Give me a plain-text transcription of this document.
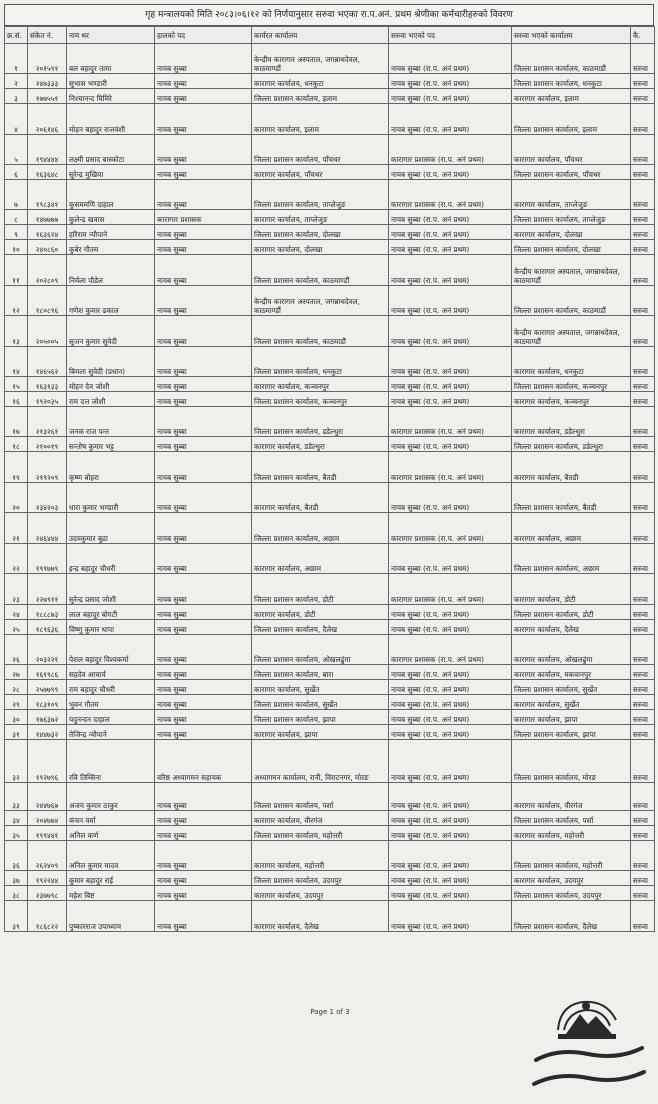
गृह मन्त्रालयको मिति २०८३।०६।१२ को निर्णयानुसार सरुवा भएका रा.प.अनं. प्रथम श्रेणीका कर्मचारीहरुको विवरण
क्र.सं.	संकेत नं.	नाम थर	हालको पद	कार्यरत कार्यालय	सरुवा भएको पद	सरुवा भएको कार्यालय	कै.
१	२०१५९१	बल बहादुर तामा	नायब सुब्बा	केन्द्रीय कारागार अस्पताल, जगन्नाथदेवल, काठमाण्डौं	नायब सुब्बा (रा.प. अनं प्रथम)	जिल्ला प्रशासन कार्यालय, काठमाडौं	सरुवा
२	२४७३३३	सुभास भण्डारी	नायब सुब्बा	कारागार कार्यालय, धनकुटा	नायब सुब्बा (रा.प. अनं प्रथम)	जिल्ला प्रशासन कार्यालय, धनकुटा	सरुवा
३	१७७५५१	निश्चानन्द घिमिरे	नायब सुब्बा	जिल्ला प्रशासन कार्यालय, इलाम	नायब सुब्बा (रा.प. अनं प्रथम)	कारागार कार्यालय, इलाम	सरुवा
४	२०६१४६	मोहन बहादुर राजवंशी	नायब सुब्बा	कारागार कार्यालय, इलाम	नायब सुब्बा (रा.प. अनं प्रथम)	जिल्ला प्रशासन कार्यालय, इलाम	सरुवा
५	१९४४४४	लक्ष्मी प्रसाद बास्कोटा	नायब सुब्बा	जिल्ला प्रशासन कार्यालय, पाँचथर	कारागार प्रशासक (रा.प. अनं प्रथम)	कारागार कार्यालय, पाँचथर	सरुवा
६	१६३६४८	सुरेन्द्र मुखिया	नायब सुब्बा	कारागार कार्यालय, पाँचथर	नायब सुब्बा (रा.प. अनं प्रथम)	जिल्ला प्रशासन कार्यालय, पाँचथर	सरुवा
७	१९८३४१	कुसममणि दाहाल	नायब सुब्बा	जिल्ला प्रशासन कार्यालय, ताप्लेजुङ	कारागार प्रशासक (रा.प. अनं प्रथम)	कारागार कार्यालय, ताप्लेजुङ	सरुवा
८	१४७७७७	कुलेन्द्र खवास	कारागार प्रशासक	कारागार कार्यालय, ताप्लेजुङ	नायब सुब्बा (रा.प. अनं प्रथम)	जिल्ला प्रशासन कार्यालय, ताप्लेजुङ	सरुवा
९	१६३६२४	हरिराम न्यौपाने	नायब सुब्बा	जिल्ला प्रशासन कार्यालय, दोलखा	नायब सुब्बा (रा.प. अनं प्रथम)	कारागार कार्यालय, दोलखा	सरुवा
१०	२४०८६०	कुबेर गौतम	नायब सुब्बा	कारागार कार्यालय, दोलखा	नायब सुब्बा (रा.प. अनं प्रथम)	जिल्ला प्रशासन कार्यालय, दोलखा	सरुवा
११	२०२८०९	निर्मला पौडेल	नायब सुब्बा	जिल्ला प्रशासन कार्यालय, काठमाण्डौं	नायब सुब्बा (रा.प. अनं प्रथम)	केन्द्रीय कारागार अस्पताल, जगन्नाथदेवल, काठमाण्डौं	सरुवा
१२	१८०८९६	गणेश कुमार ढकाल	नायब सुब्बा	केन्द्रीय कारागार अस्पताल, जगन्नाथदेवल, काठमाण्डौं	नायब सुब्बा (रा.प. अनं प्रथम)	जिल्ला प्रशासन कार्यालय, काठमाडौं	सरुवा
१३	२०५००५	सुजन कुमार सुवेदी	नायब सुब्बा	जिल्ला प्रशासन कार्यालय, काठमाडौं	नायब सुब्बा (रा.प. अनं प्रथम)	केन्द्रीय कारागार अस्पताल, जगन्नाथदेवल, काठमाण्डौं	सरुवा
१४	१४६५६२	बिमला सुवेदी (प्रधान)	नायब सुब्बा	जिल्ला प्रशासन कार्यालय, धनकुटा	नायब सुब्बा (रा.प. अनं प्रथम)	कारागार कार्यालय, धनकुटा	सरुवा
१५	१६३१३३	मोहन देव जोशी	नायब सुब्बा	कारागार कार्यालय, कञ्चनपुर	नायब सुब्बा (रा.प. अनं प्रथम)	जिल्ला प्रशासन कार्यालय, कञ्चनपुर	सरुवा
१६	१९२०३५	राम दत्त जोशी	नायब सुब्बा	जिल्ला प्रशासन कार्यालय, कञ्चनपुर	नायब सुब्बा (रा.प. अनं प्रथम)	कारागार कार्यालय, कञ्चनपुर	सरुवा
१७	२१३२६१	जनक राज पन्त	नायब सुब्बा	जिल्ला प्रशासन कार्यालय, डडेल्धुरा	कारागार प्रशासक (रा.प. अनं प्रथम)	कारागार कार्यालय, डडेल्धुरा	सरुवा
१८	२१००१९	सन्तोष कुमार भट्ट	नायब सुब्बा	कारागार कार्यालय, डडेल्धुरा	नायब सुब्बा (रा.प. अनं प्रथम)	जिल्ला प्रशासन कार्यालय, डडेल्धुरा	सरुवा
१९	२१९२०९	कृष्ण बोहरा	नायब सुब्बा	जिल्ला प्रशासन कार्यालय, बैतडी	कारागार प्रशासक (रा.प. अनं प्रथम)	कारागार कार्यालय, बैतडी	सरुवा
२०	२३४२०३	धारा कुमार भण्डारी	नायब सुब्बा	कारागार कार्यालय, बैतडी	नायब सुब्बा (रा.प. अनं प्रथम)	जिल्ला प्रशासन कार्यालय, बैतडी	सरुवा
२१	२४६४४४	उदयकुमार बुढा	नायब सुब्बा	जिल्ला प्रशासन कार्यालय, अछाम	कारागार प्रशासक (रा.प. अनं प्रथम)	कारागार कार्यालय, अछाम	सरुवा
२२	१९९७७९	इन्द्र बहादुर चौधरी	नायब सुब्बा	कारागार कार्यालय, अछाम	नायब सुब्बा (रा.प. अनं प्रथम)	जिल्ला प्रशासन कार्यालय, अछाम	सरुवा
२३	२२७९११	सुरेन्द्र प्रसाद जोशी	नायब सुब्बा	जिल्ला प्रशासन कार्यालय, डोटी	कारागार प्रशासक (रा.प. अनं प्रथम)	कारागार कार्यालय, डोटी	सरुवा
२४	१८८८७३	लाल बहादुर बोगटी	नायब सुब्बा	कारागार कार्यालय, डोटी	नायब सुब्बा (रा.प. अनं प्रथम)	जिल्ला प्रशासन कार्यालय, डोटी	सरुवा
२५	१८९६३६	विष्णु कुमार थापा	नायब सुब्बा	जिल्ला प्रशासन कार्यालय, दैलेख	नायब सुब्बा (रा.प. अनं प्रथम)	कारागार कार्यालय, दैलेख	सरुवा
२६	२०३२२१	पेशल बहादुर विश्वकर्मा	नायब सुब्बा	जिल्ला प्रशासन कार्यालय, ओखलढुंगा	कारागार प्रशासक (रा.प. अनं प्रथम)	कारागार कार्यालय, ओखलढुंगा	सरुवा
२७	१६१९८६	सहदेव आचार्य	नायब सुब्बा	जिल्ला प्रशासन कार्यालय, बारा	नायब सुब्बा (रा.प. अनं प्रथम)	कारागार कार्यालय, मकवानपुर	सरुवा
२८	२५७७९९	राम बहादुर चौधरी	नायब सुब्बा	कारागार कार्यालय, सुर्खेत	नायब सुब्बा (रा.प. अनं प्रथम)	जिल्ला प्रशासन कार्यालय, सुर्खेत	सरुवा
२९	१८३१०९	भुवन गौतम	नायब सुब्बा	जिल्ला प्रशासन कार्यालय, सुर्खेत	नायब सुब्बा (रा.प. अनं प्रथम)	कारागार कार्यालय, सुर्खेत	सरुवा
३०	१७६३७२	यदुनन्दन दाहाल	नायब सुब्बा	जिल्ला प्रशासन कार्यालय, झापा	नायब सुब्बा (रा.प. अनं प्रथम)	कारागार कार्यालय, झापा	सरुवा
३१	१४४७३२	तेजिन्द्र न्यौपाने	नायब सुब्बा	कारागार कार्यालय, झापा	नायब सुब्बा (रा.प. अनं प्रथम)	जिल्ला प्रशासन कार्यालय, झापा	सरुवा
३२	१९२७९६	रवि तिम्सिना	वरिष्ठ अध्यागमन सहायक	अध्यागमन कार्यालय, रानी, विराटनगर, मोरङ	नायब सुब्बा (रा.प. अनं प्रथम)	जिल्ला प्रशासन कार्यालय, मोरङ	सरुवा
३३	२४४७६७	अजय कुमार ठाकुर	नायब सुब्बा	जिल्ला प्रशासन कार्यालय, पर्सा	नायब सुब्बा (रा.प. अनं प्रथम)	कारागार कार्यालय, वीरगंज	सरुवा
३४	२०४७७४	कंचन वर्मा	नायब सुब्बा	कारागार कार्यालय, वीरगंज	नायब सुब्बा (रा.प. अनं प्रथम)	जिल्ला प्रशासन कार्यालय, पर्सा	सरुवा
३५	१९९४४१	अनिल कर्ण	नायब सुब्बा	जिल्ला प्रशासन कार्यालय, महोत्तरी	नायब सुब्बा (रा.प. अनं प्रथम)	कारागार कार्यालय, महोत्तरी	सरुवा
३६	२६२४०९	अनिल कुमार यादव	नायब सुब्बा	कारागार कार्यालय, महोत्तरी	नायब सुब्बा (रा.प. अनं प्रथम)	जिल्ला प्रशासन कार्यालय, महोत्तरी	सरुवा
३७	१९२२४४	कुमार बहादुर राई	नायब सुब्बा	जिल्ला प्रशासन कार्यालय, उदयपुर	नायब सुब्बा (रा.प. अनं प्रथम)	कारागार कार्यालय, उदयपुर	सरुवा
३८	२३७७९८	महेश बिष्ट	नायब सुब्बा	कारागार कार्यालय, उदयपुर	नायब सुब्बा (रा.प. अनं प्रथम)	जिल्ला प्रशासन कार्यालय, उदयपुर	सरुवा
३९	१८६८२२	पुष्कारराज उपाध्याय	नायब सुब्बा	कारागार कार्यालय, दैलेख	नायब सुब्बा (रा.प. अनं प्रथम)	जिल्ला प्रशासन कार्यालय, दैलेख	सरुवा
Page 1 of 3
